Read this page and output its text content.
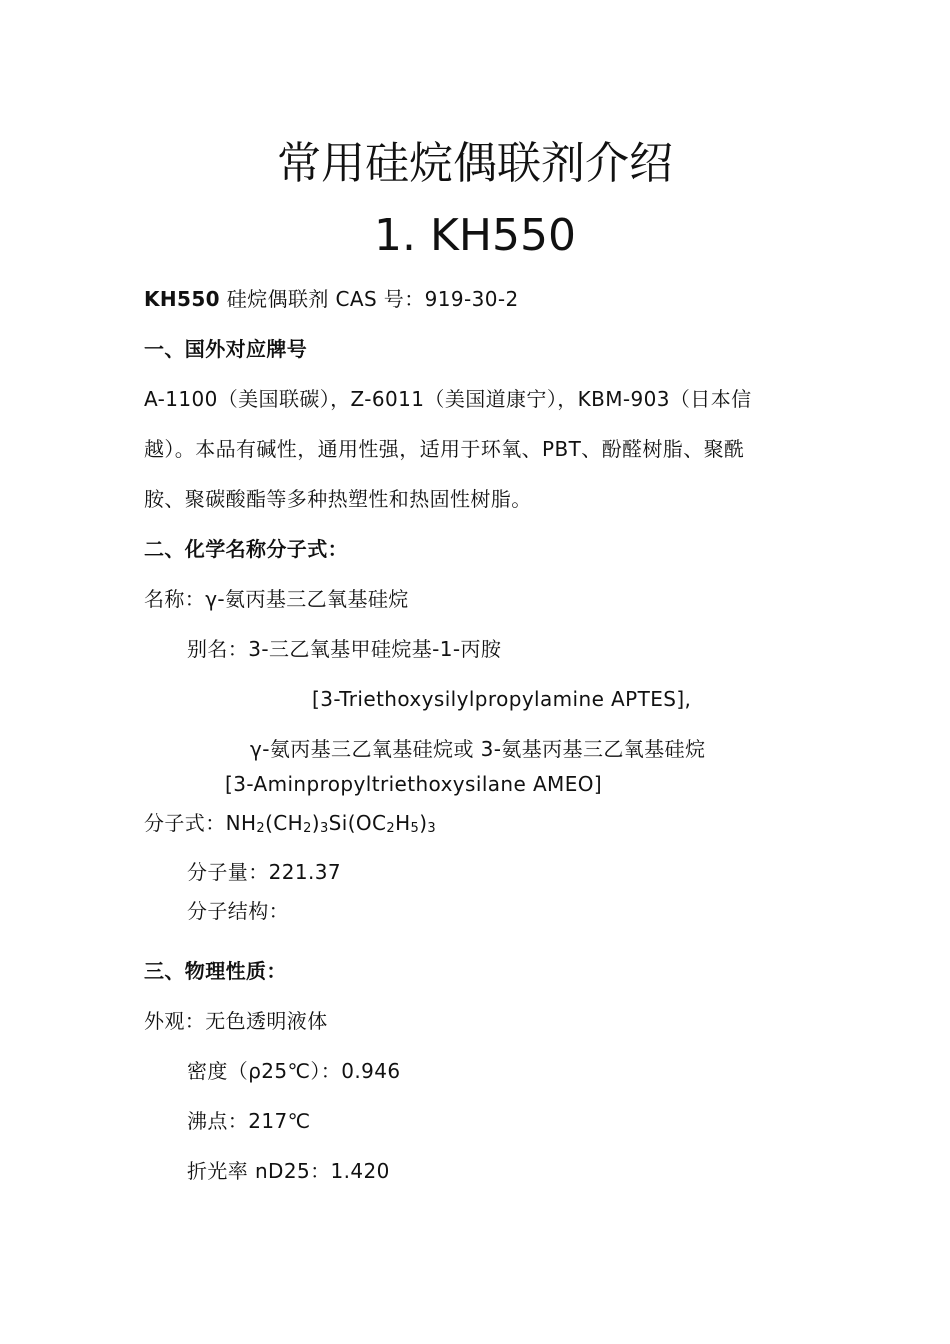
常用硅烷偶联剂介绍
1. KH550
KH550 硅烷偶联剂 CAS 号：919-30-2
一、国外对应牌号
A-1100（美国联碳），Z-6011（美国道康宁），KBM-903（日本信
越）。本品有碱性，通用性强，适用于环氧、PBT、酚醛树脂、聚酰
胺、聚碳酸酯等多种热塑性和热固性树脂。
二、化学名称分子式：
名称：γ-氨丙基三乙氧基硅烷
别名：3-三乙氧基甲硅烷基-1-丙胺
[3-Triethoxysilylpropylamine APTES],
γ-氨丙基三乙氧基硅烷或 3-氨基丙基三乙氧基硅烷
[3-Aminpropyltriethoxysilane AMEO]
分子式：$NH_2(CH_2)_3Si(OC_2H_5)_3$
分子量：221.37
分子结构：
三、物理性质：
外观：无色透明液体
密度（ρ25℃）：0.946
沸点：217℃
折光率 nD25：1.420
